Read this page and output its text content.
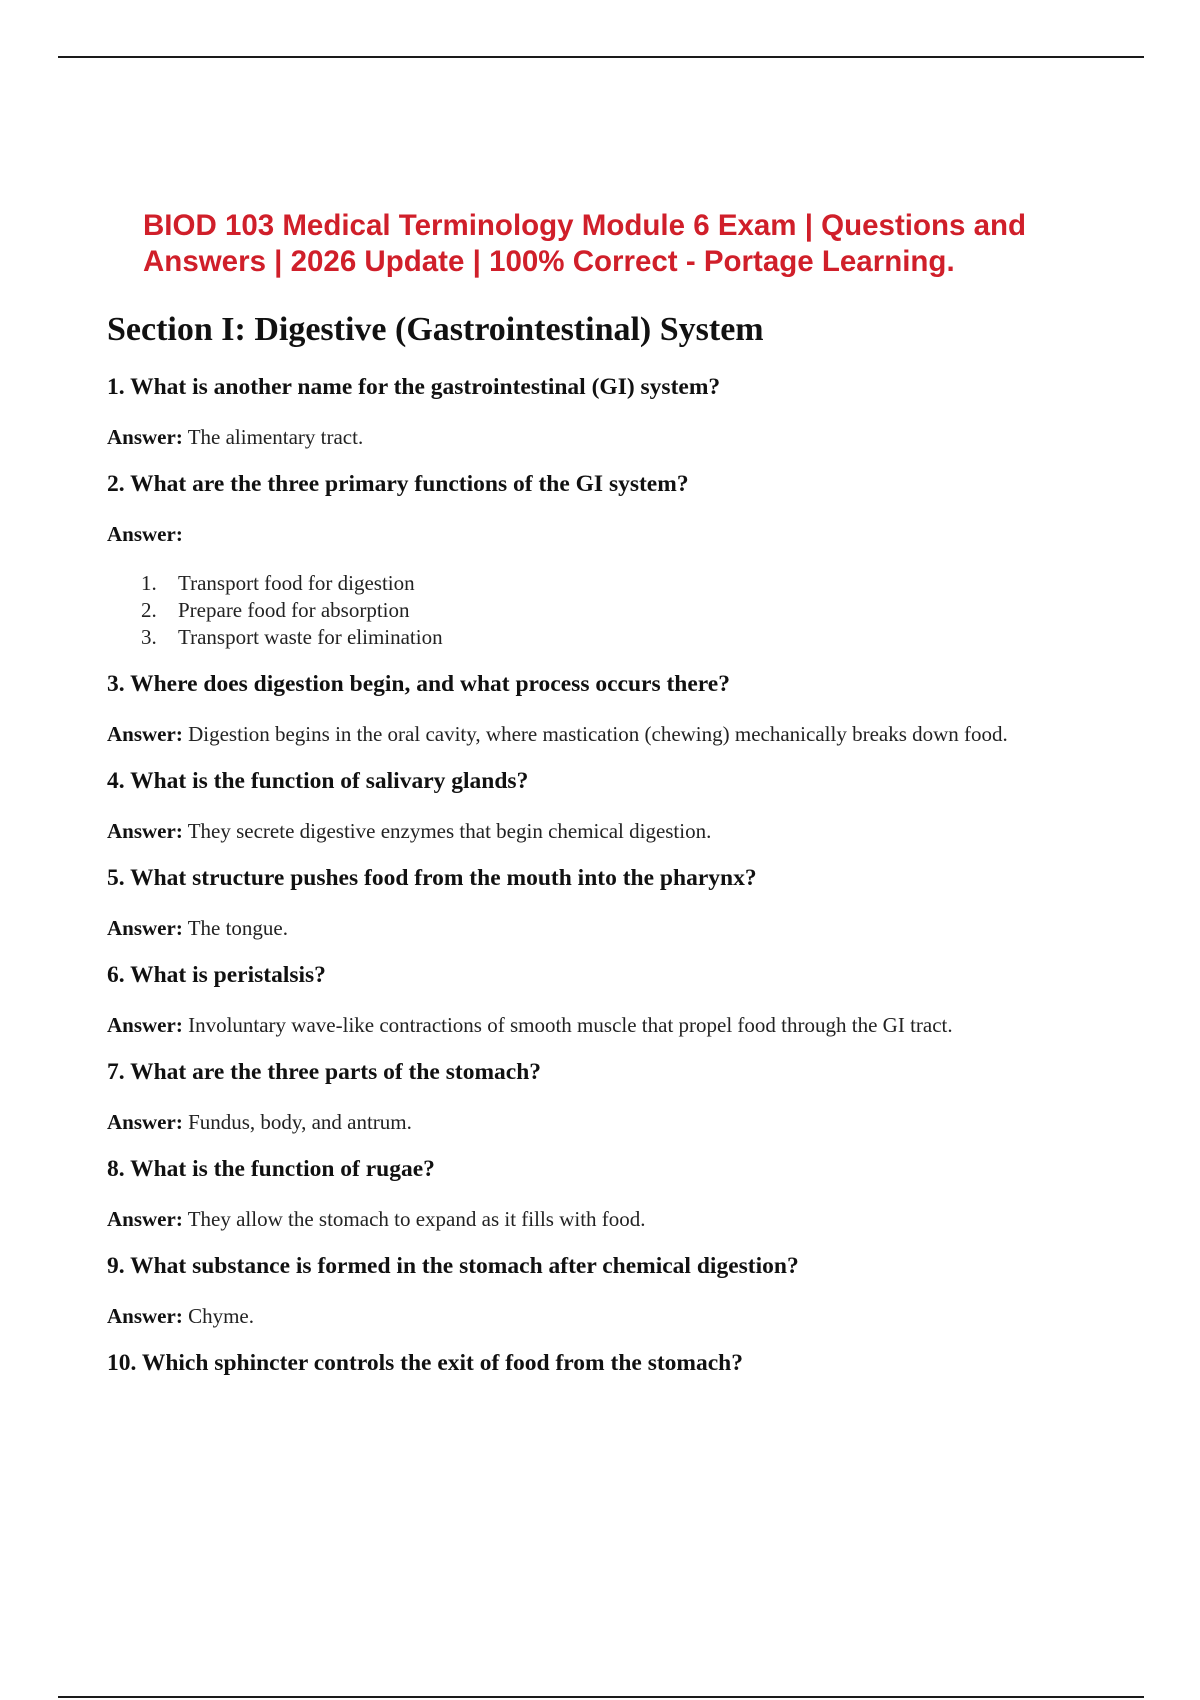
BIOD 103 Medical Terminology Module 6 Exam | Questions and Answers | 2026 Update | 100% Correct - Portage Learning.
Section I: Digestive (Gastrointestinal) System
1. What is another name for the gastrointestinal (GI) system?

Answer: The alimentary tract.

2. What are the three primary functions of the GI system?

Answer:

1. Transport food for digestion
2. Prepare food for absorption
3. Transport waste for elimination
3. Where does digestion begin, and what process occurs there?

Answer: Digestion begins in the oral cavity, where mastication (chewing) mechanically breaks down food.

4. What is the function of salivary glands?

Answer: They secrete digestive enzymes that begin chemical digestion.

5. What structure pushes food from the mouth into the pharynx?

Answer: The tongue.

6. What is peristalsis?

Answer: Involuntary wave-like contractions of smooth muscle that propel food through the GI tract.

7. What are the three parts of the stomach?

Answer: Fundus, body, and antrum.

8. What is the function of rugae?

Answer: They allow the stomach to expand as it fills with food.

9. What substance is formed in the stomach after chemical digestion?

Answer: Chyme.

10. Which sphincter controls the exit of food from the stomach?
